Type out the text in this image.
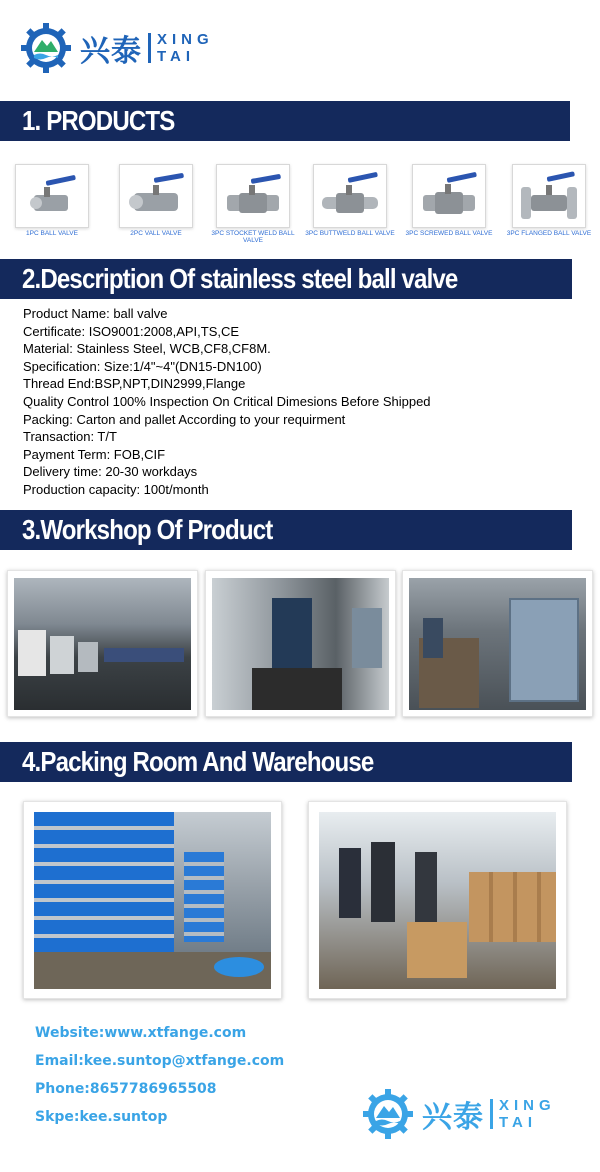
兴泰 XING
TAI
1. PRODUCTS
1PC BALL VALVE	2PC VALL VALVE	3PC STOCKET WELD BALL VALVE
3PC BUTTWELD BALL VALVE 3PC SCREWED BALL VALVE	3PC FLANGED BALL VALVE
2.Description Of stainless steel ball valve
Product Name: ball valve
Certificate: ISO9001:2008,API,TS,CE
Material: Stainless Steel, WCB,CF8,CF8M.
Specification: Size:1/4"~4"(DN15-DN100)
Thread End:BSP,NPT,DIN2999,Flange
Quality Control 100% Inspection On Critical Dimesions Before Shipped
Packing: Carton and pallet According to your requirment
Transaction: T/T
Payment Term: FOB,CIF
Delivery time: 20-30 workdays
Production capacity: 100t/month
3.Workshop Of Product
4.Packing Room And Warehouse
Website:www.xtfange.com
Email:kee.suntop@xtfange.com
Phone:8657786965508
Skpe:kee.suntop	兴泰 XING
TAI
